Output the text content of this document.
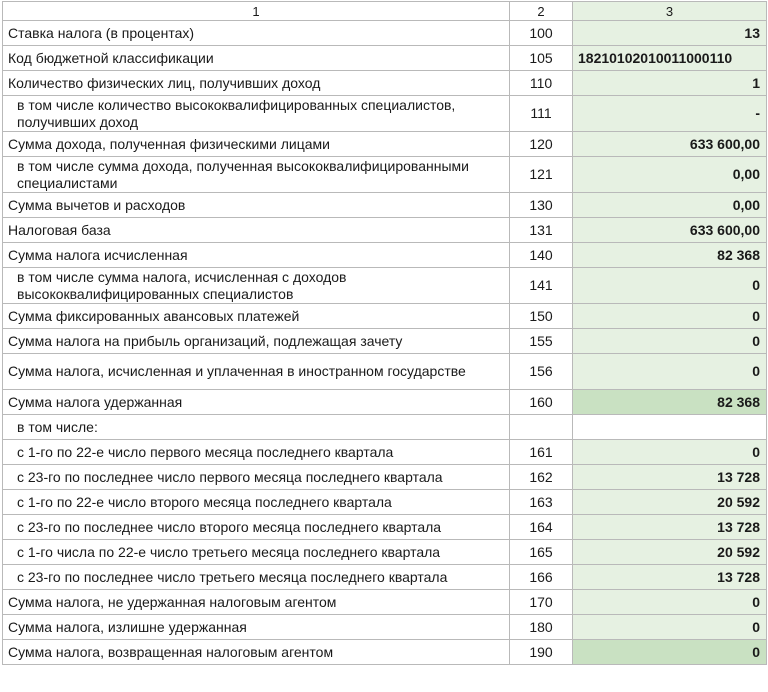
1	2	3
Ставка налога (в процентах)	100	13
Код бюджетной классификации	105	18210102010011000110
Количество физических лиц, получивших доход	110	1
в том числе количество высококвалифицированных специалистов, получивших доход	111	-
Сумма дохода, полученная физическими лицами	120	633 600,00
в том числе сумма дохода, полученная высококвалифицированными специалистами	121	0,00
Сумма вычетов и расходов	130	0,00
Налоговая база	131	633 600,00
Сумма налога исчисленная	140	82 368
в том числе сумма налога, исчисленная с доходов высококвалифицированных специалистов	141	0
Сумма фиксированных авансовых платежей	150	0
Сумма налога на прибыль организаций, подлежащая зачету	155	0
Сумма налога, исчисленная и уплаченная в иностранном государстве	156	0
Сумма налога удержанная	160	82 368
в том числе:		
с 1-го по 22-е число первого месяца последнего квартала	161	0
с 23-го по последнее число первого месяца последнего квартала	162	13 728
с 1-го по 22-е число второго месяца последнего квартала	163	20 592
с 23-го по последнее число второго месяца последнего квартала	164	13 728
с 1-го числа по 22-е число третьего месяца последнего квартала	165	20 592
с 23-го по последнее число третьего месяца последнего квартала	166	13 728
Сумма налога, не удержанная налоговым агентом	170	0
Сумма налога, излишне удержанная	180	0
Сумма налога, возвращенная налоговым агентом	190	0
